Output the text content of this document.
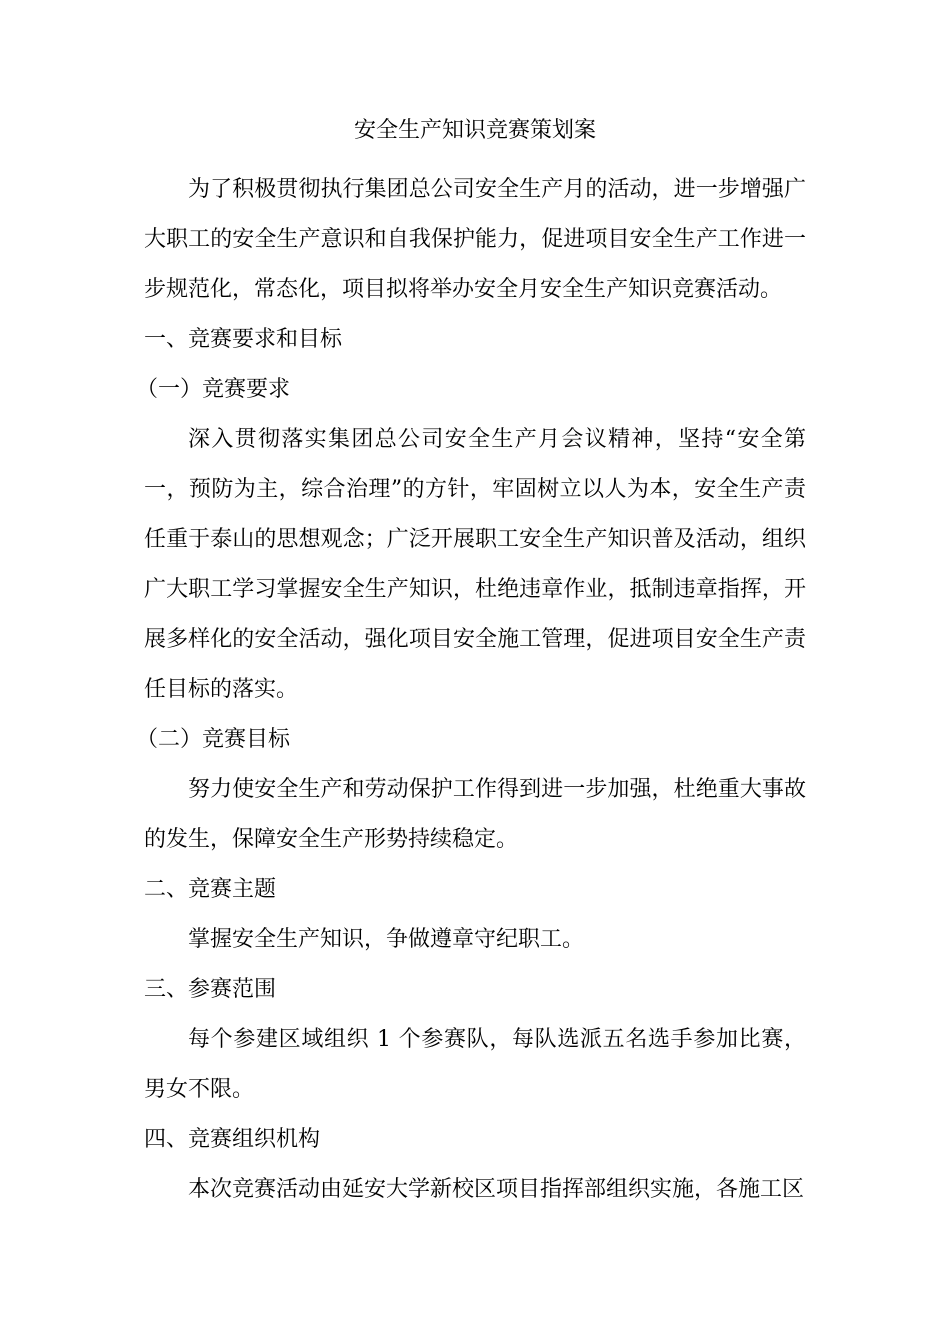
安全生产知识竞赛策划案

为了积极贯彻执行集团总公司安全生产月的活动，进一步增强广大职工的安全生产意识和自我保护能力，促进项目安全生产工作进一步规范化，常态化，项目拟将举办安全月安全生产知识竞赛活动。

一、竞赛要求和目标
（一）竞赛要求

深入贯彻落实集团总公司安全生产月会议精神，坚持“安全第一，预防为主，综合治理”的方针，牢固树立以人为本，安全生产责任重于泰山的思想观念；广泛开展职工安全生产知识普及活动，组织广大职工学习掌握安全生产知识，杜绝违章作业，抵制违章指挥，开展多样化的安全活动，强化项目安全施工管理，促进项目安全生产责任目标的落实。

（二）竞赛目标

努力使安全生产和劳动保护工作得到进一步加强，杜绝重大事故的发生，保障安全生产形势持续稳定。

二、竞赛主题

掌握安全生产知识，争做遵章守纪职工。

三、参赛范围

每个参建区域组织 1 个参赛队，每队选派五名选手参加比赛，男女不限。

四、竞赛组织机构

本次竞赛活动由延安大学新校区项目指挥部组织实施，各施工区
